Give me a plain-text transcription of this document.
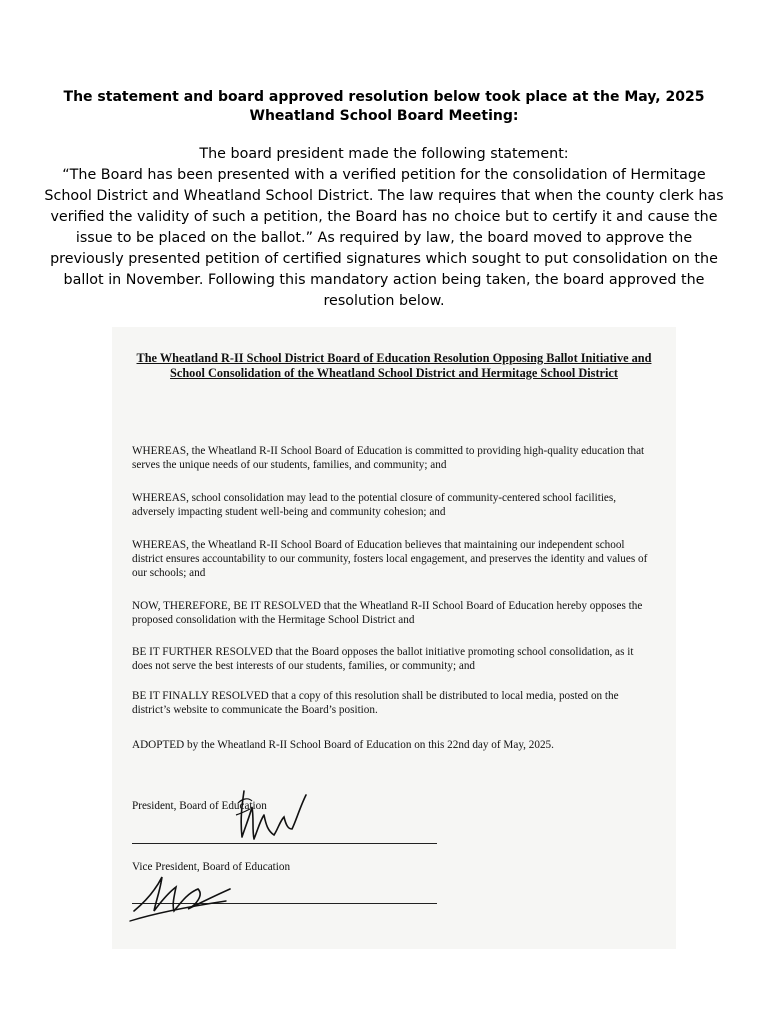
The statement and board approved resolution below took place at the May, 2025 Wheatland School Board Meeting:

The board president made the following statement:

“The Board has been presented with a verified petition for the consolidation of Hermitage School District and Wheatland School District. The law requires that when the county clerk has verified the validity of such a petition, the Board has no choice but to certify it and cause the issue to be placed on the ballot.” As required by law, the board moved to approve the previously presented petition of certified signatures which sought to put consolidation on the ballot in November. Following this mandatory action being taken, the board approved the resolution below.

The Wheatland R-II School District Board of Education Resolution Opposing Ballot Initiative and School Consolidation of the Wheatland School District and Hermitage School District

WHEREAS, the Wheatland R-II School Board of Education is committed to providing high-quality education that serves the unique needs of our students, families, and community; and

WHEREAS, school consolidation may lead to the potential closure of community-centered school facilities, adversely impacting student well-being and community cohesion; and

WHEREAS, the Wheatland R-II School Board of Education believes that maintaining our independent school district ensures accountability to our community, fosters local engagement, and preserves the identity and values of our schools; and

NOW, THEREFORE, BE IT RESOLVED that the Wheatland R-II School Board of Education hereby opposes the proposed consolidation with the Hermitage School District and

BE IT FURTHER RESOLVED that the Board opposes the ballot initiative promoting school consolidation, as it does not serve the best interests of our students, families, or community; and

BE IT FINALLY RESOLVED that a copy of this resolution shall be distributed to local media, posted on the district’s website to communicate the Board’s position.

ADOPTED by the Wheatland R-II School Board of Education on this 22nd day of May, 2025.

President, Board of Education
Vice President, Board of Education
